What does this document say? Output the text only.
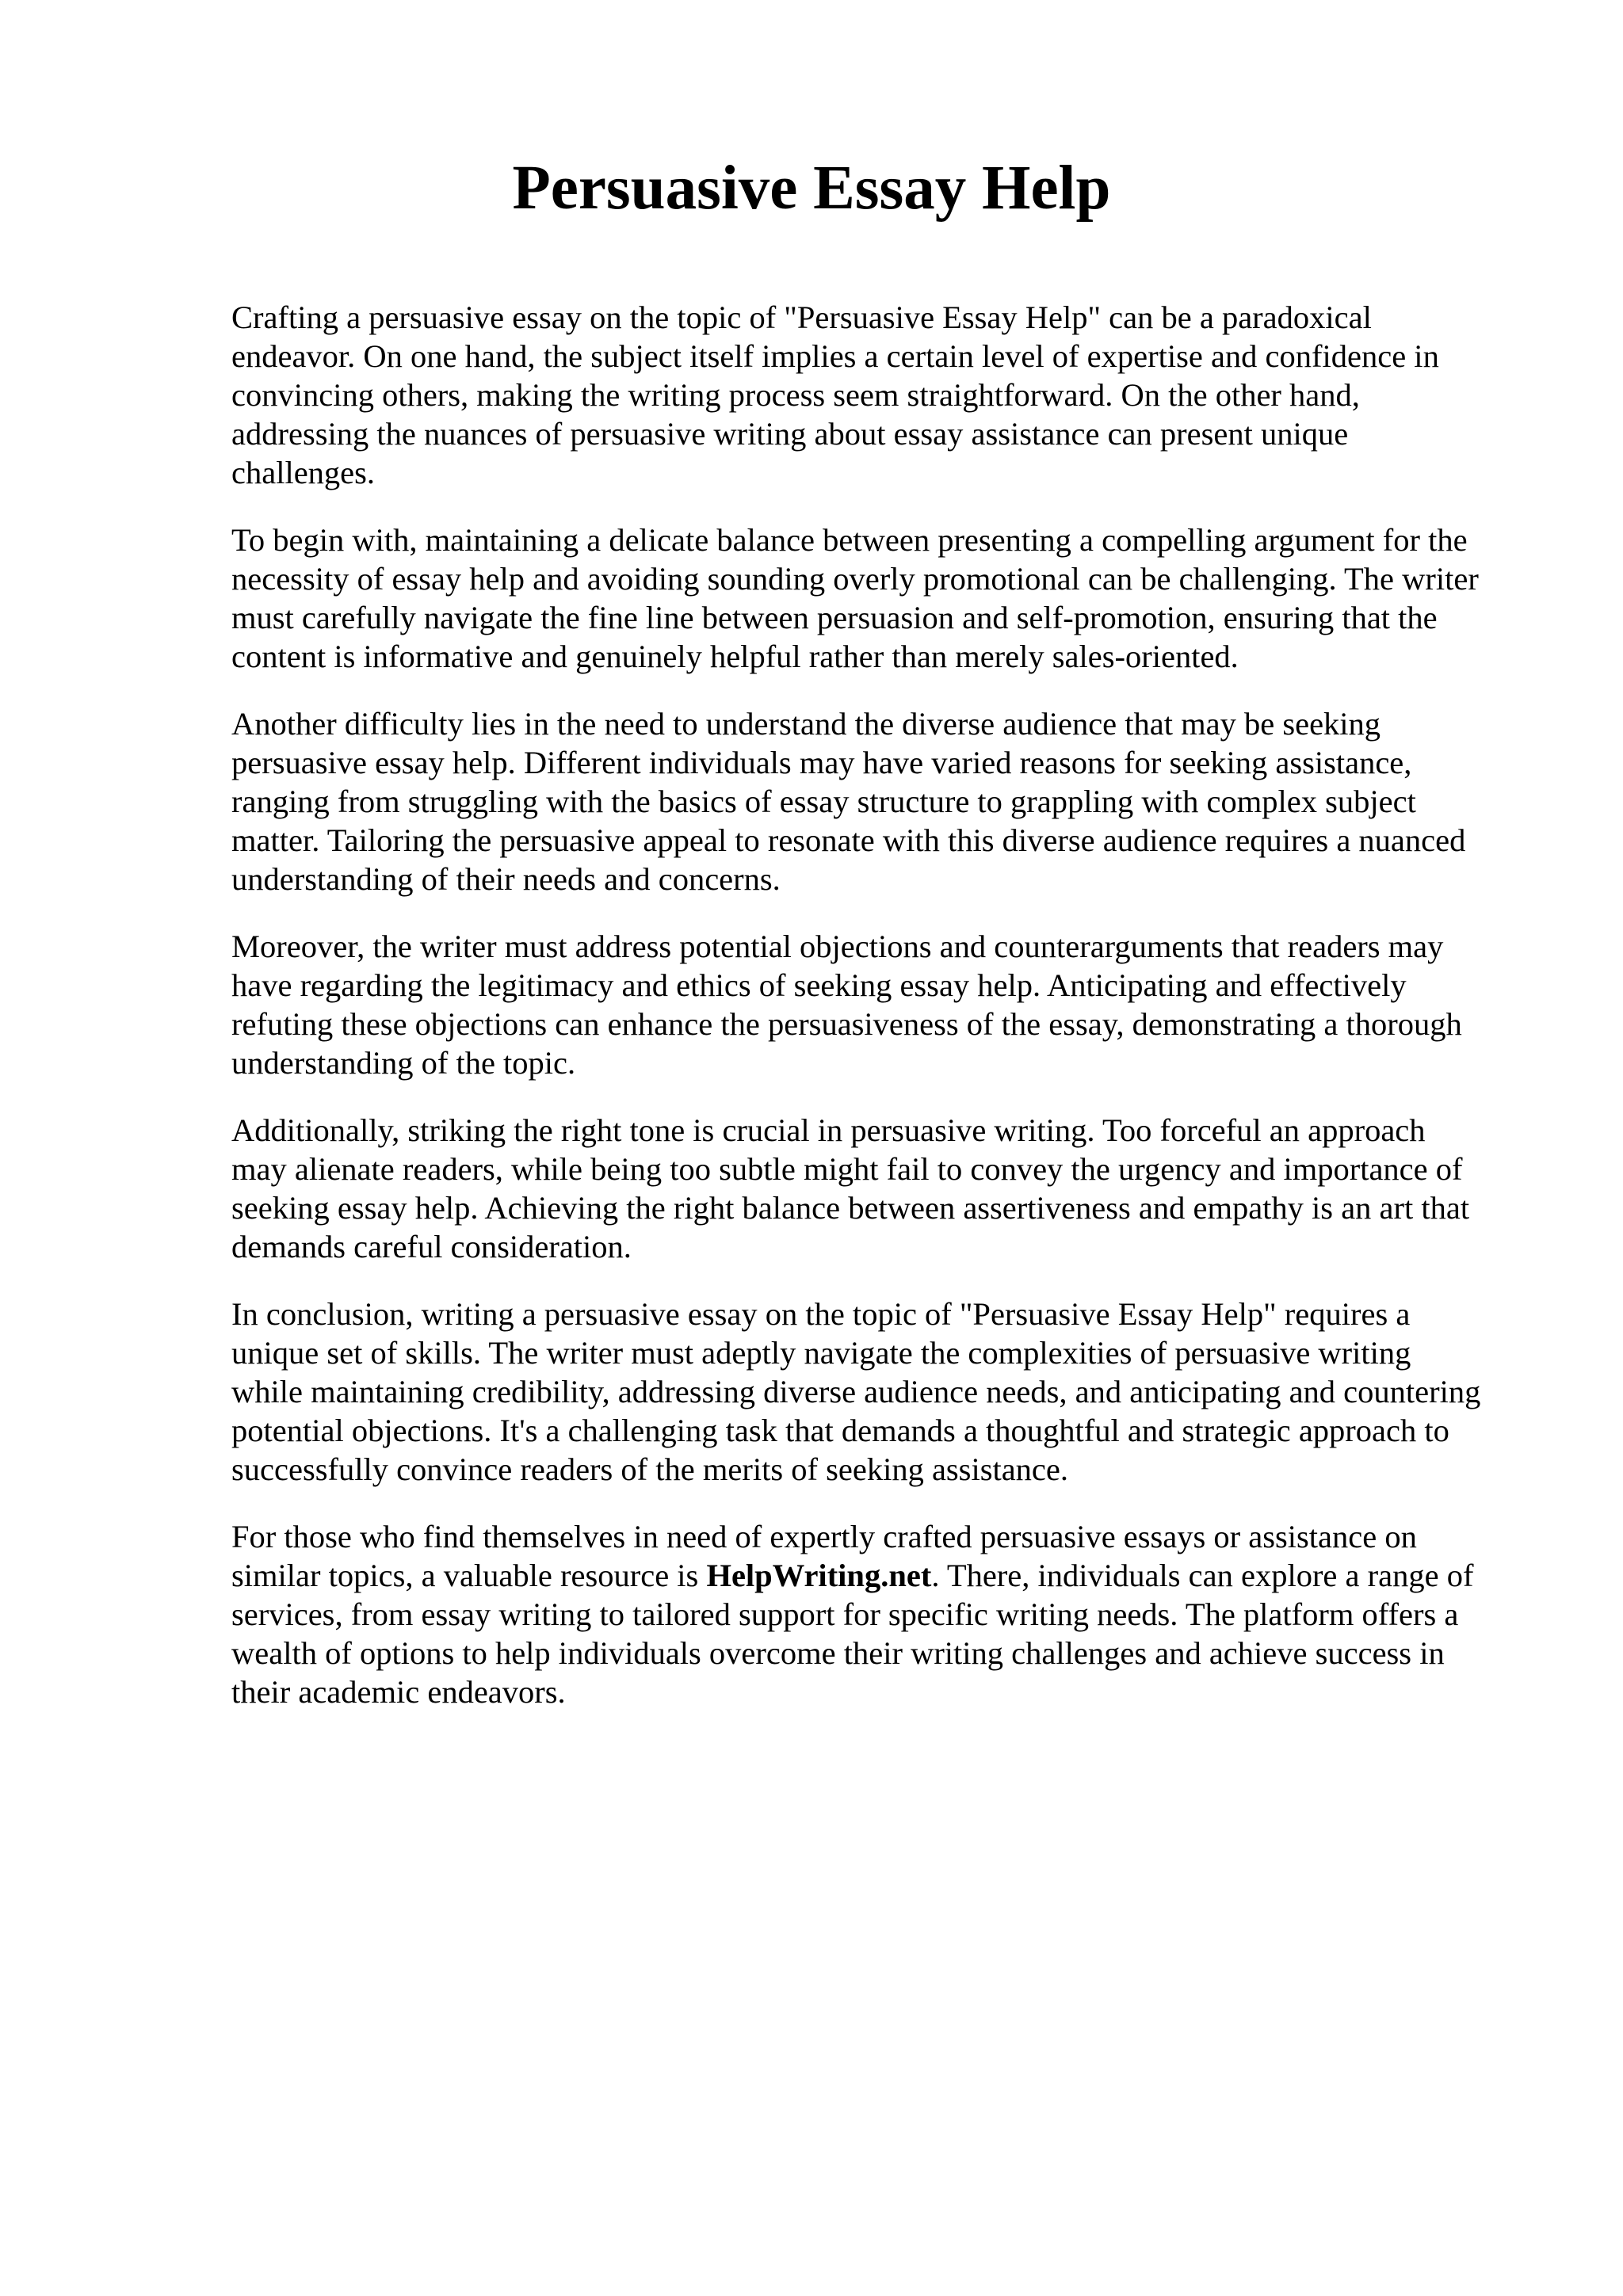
Persuasive Essay Help

Crafting a persuasive essay on the topic of "Persuasive Essay Help" can be a paradoxical
endeavor. On one hand, the subject itself implies a certain level of expertise and confidence in
convincing others, making the writing process seem straightforward. On the other hand,
addressing the nuances of persuasive writing about essay assistance can present unique
challenges.

To begin with, maintaining a delicate balance between presenting a compelling argument for the
necessity of essay help and avoiding sounding overly promotional can be challenging. The writer
must carefully navigate the fine line between persuasion and self-promotion, ensuring that the
content is informative and genuinely helpful rather than merely sales-oriented.

Another difficulty lies in the need to understand the diverse audience that may be seeking
persuasive essay help. Different individuals may have varied reasons for seeking assistance,
ranging from struggling with the basics of essay structure to grappling with complex subject
matter. Tailoring the persuasive appeal to resonate with this diverse audience requires a nuanced
understanding of their needs and concerns.

Moreover, the writer must address potential objections and counterarguments that readers may
have regarding the legitimacy and ethics of seeking essay help. Anticipating and effectively
refuting these objections can enhance the persuasiveness of the essay, demonstrating a thorough
understanding of the topic.

Additionally, striking the right tone is crucial in persuasive writing. Too forceful an approach
may alienate readers, while being too subtle might fail to convey the urgency and importance of
seeking essay help. Achieving the right balance between assertiveness and empathy is an art that
demands careful consideration.

In conclusion, writing a persuasive essay on the topic of "Persuasive Essay Help" requires a
unique set of skills. The writer must adeptly navigate the complexities of persuasive writing
while maintaining credibility, addressing diverse audience needs, and anticipating and countering
potential objections. It's a challenging task that demands a thoughtful and strategic approach to
successfully convince readers of the merits of seeking assistance.

For those who find themselves in need of expertly crafted persuasive essays or assistance on
similar topics, a valuable resource is HelpWriting.net. There, individuals can explore a range of
services, from essay writing to tailored support for specific writing needs. The platform offers a
wealth of options to help individuals overcome their writing challenges and achieve success in
their academic endeavors.
